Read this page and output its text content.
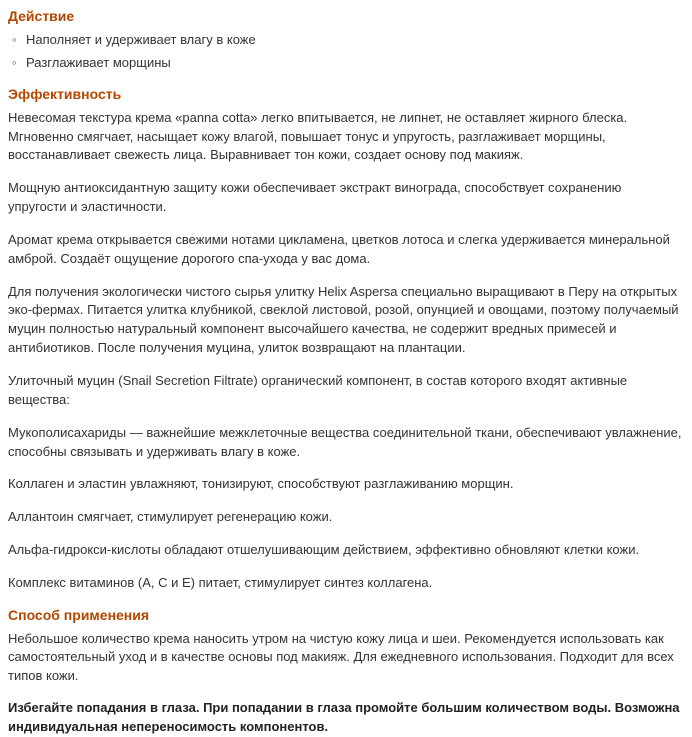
Действие
◦ Наполняет и удерживает влагу в коже
◦ Разглаживает морщины
Эффективность

Невесомая текстура крема «panna cotta» легко впитывается, не липнет, не оставляет жирного блеска. Мгновенно смягчает, насыщает кожу влагой, повышает тонус и упругость, разглаживает морщины, восстанавливает свежесть лица. Выравнивает тон кожи, создает основу под макияж.

Мощную антиоксидантную защиту кожи обеспечивает экстракт винограда, способствует сохранению упругости и эластичности.

Аромат крема открывается свежими нотами цикламена, цветков лотоса и слегка удерживается минеральной амброй. Создаёт ощущение дорогого спа-ухода у вас дома.

Для получения экологически чистого сырья улитку Helix Aspersa специально выращивают в Перу на открытых эко-фермах. Питается улитка клубникой, свеклой листовой, розой, опунцией и овощами, поэтому получаемый муцин полностью натуральный компонент высочайшего качества, не содержит вредных примесей и антибиотиков. После получения муцина, улиток возвращают на плантации.

Улиточный муцин (Snail Secretion Filtrate) органический компонент, в состав которого входят активные вещества:

Мукополисахариды — важнейшие межклеточные вещества соединительной ткани, обеспечивают увлажнение, способны связывать и удерживать влагу в коже.

Коллаген и эластин увлажняют, тонизируют, способствуют разглаживанию морщин.

Аллантоин смягчает, стимулирует регенерацию кожи.

Альфа-гидрокси-кислоты обладают отшелушивающим действием, эффективно обновляют клетки кожи.

Комплекс витаминов (А, С и Е) питает, стимулирует синтез коллагена.

Способ применения

Небольшое количество крема наносить утром на чистую кожу лица и шеи. Рекомендуется использовать как самостоятельный уход и в качестве основы под макияж. Для ежедневного использования. Подходит для всех типов кожи.

Избегайте попадания в глаза. При попадании в глаза промойте большим количеством воды. Возможна индивидуальная непереносимость компонентов.
